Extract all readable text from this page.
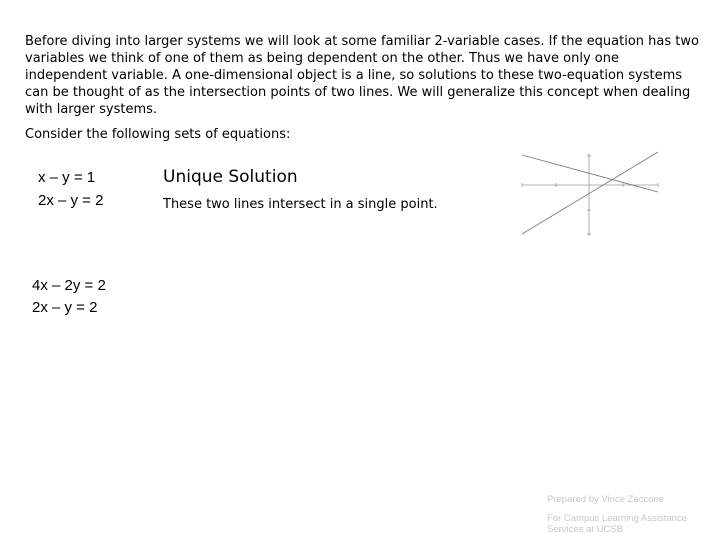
Before diving into larger systems we will look at some familiar 2-variable cases. If the equation has two variables we think of one of them as being dependent on the other. Thus we have only one independent variable. A one-dimensional object is a line, so solutions to these two-equation systems can be thought of as the intersection points of two lines. We will generalize this concept when dealing with larger systems.

Consider the following sets of equations:

x – y = 1
2x – y = 2
Unique Solution

These two lines intersect in a single point.

4x – 2y = 2
2x – y = 2

Prepared by Vince Zaccone

For Campus Learning Assistance Services at UCSB
